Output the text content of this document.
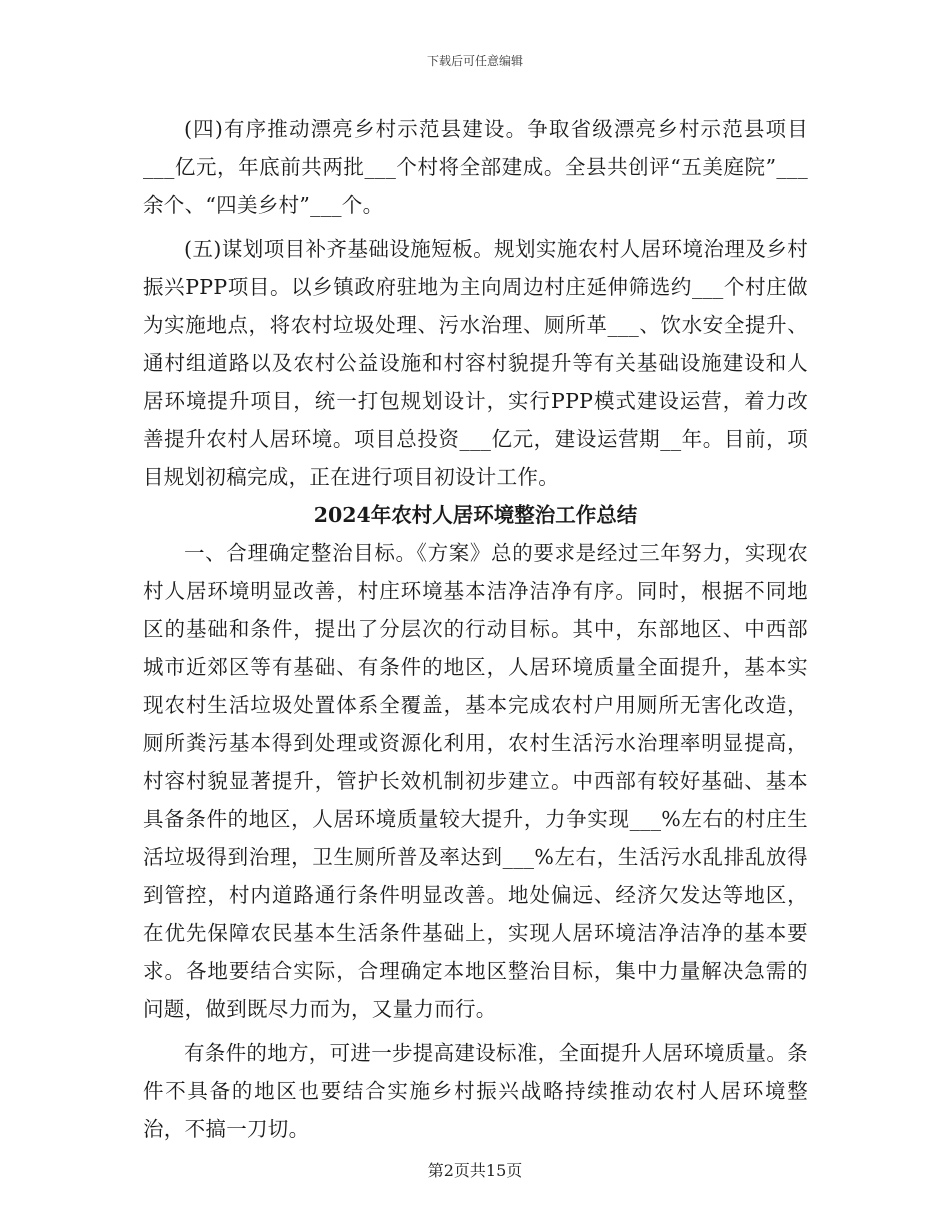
下载后可任意编辑

(四)有序推动漂亮乡村示范县建设。争取省级漂亮乡村示范县项目___亿元，年底前共两批___个村将全部建成。全县共创评“五美庭院”___余个、“四美乡村”___个。

(五)谋划项目补齐基础设施短板。规划实施农村人居环境治理及乡村振兴PPP项目。以乡镇政府驻地为主向周边村庄延伸筛选约___个村庄做为实施地点，将农村垃圾处理、污水治理、厕所革___、饮水安全提升、通村组道路以及农村公益设施和村容村貌提升等有关基础设施建设和人居环境提升项目，统一打包规划设计，实行PPP模式建设运营，着力改善提升农村人居环境。项目总投资___亿元，建设运营期__年。目前，项目规划初稿完成，正在进行项目初设计工作。

2024年农村人居环境整治工作总结

一、合理确定整治目标。《方案》总的要求是经过三年努力，实现农村人居环境明显改善，村庄环境基本洁净洁净有序。同时，根据不同地区的基础和条件，提出了分层次的行动目标。其中，东部地区、中西部城市近郊区等有基础、有条件的地区，人居环境质量全面提升，基本实现农村生活垃圾处置体系全覆盖，基本完成农村户用厕所无害化改造，厕所粪污基本得到处理或资源化利用，农村生活污水治理率明显提高，村容村貌显著提升，管护长效机制初步建立。中西部有较好基础、基本具备条件的地区，人居环境质量较大提升，力争实现___%左右的村庄生活垃圾得到治理，卫生厕所普及率达到___%左右，生活污水乱排乱放得到管控，村内道路通行条件明显改善。地处偏远、经济欠发达等地区，在优先保障农民基本生活条件基础上，实现人居环境洁净洁净的基本要求。各地要结合实际，合理确定本地区整治目标，集中力量解决急需的问题，做到既尽力而为，又量力而行。

有条件的地方，可进一步提高建设标准，全面提升人居环境质量。条件不具备的地区也要结合实施乡村振兴战略持续推动农村人居环境整治，不搞一刀切。

第2页共15页
